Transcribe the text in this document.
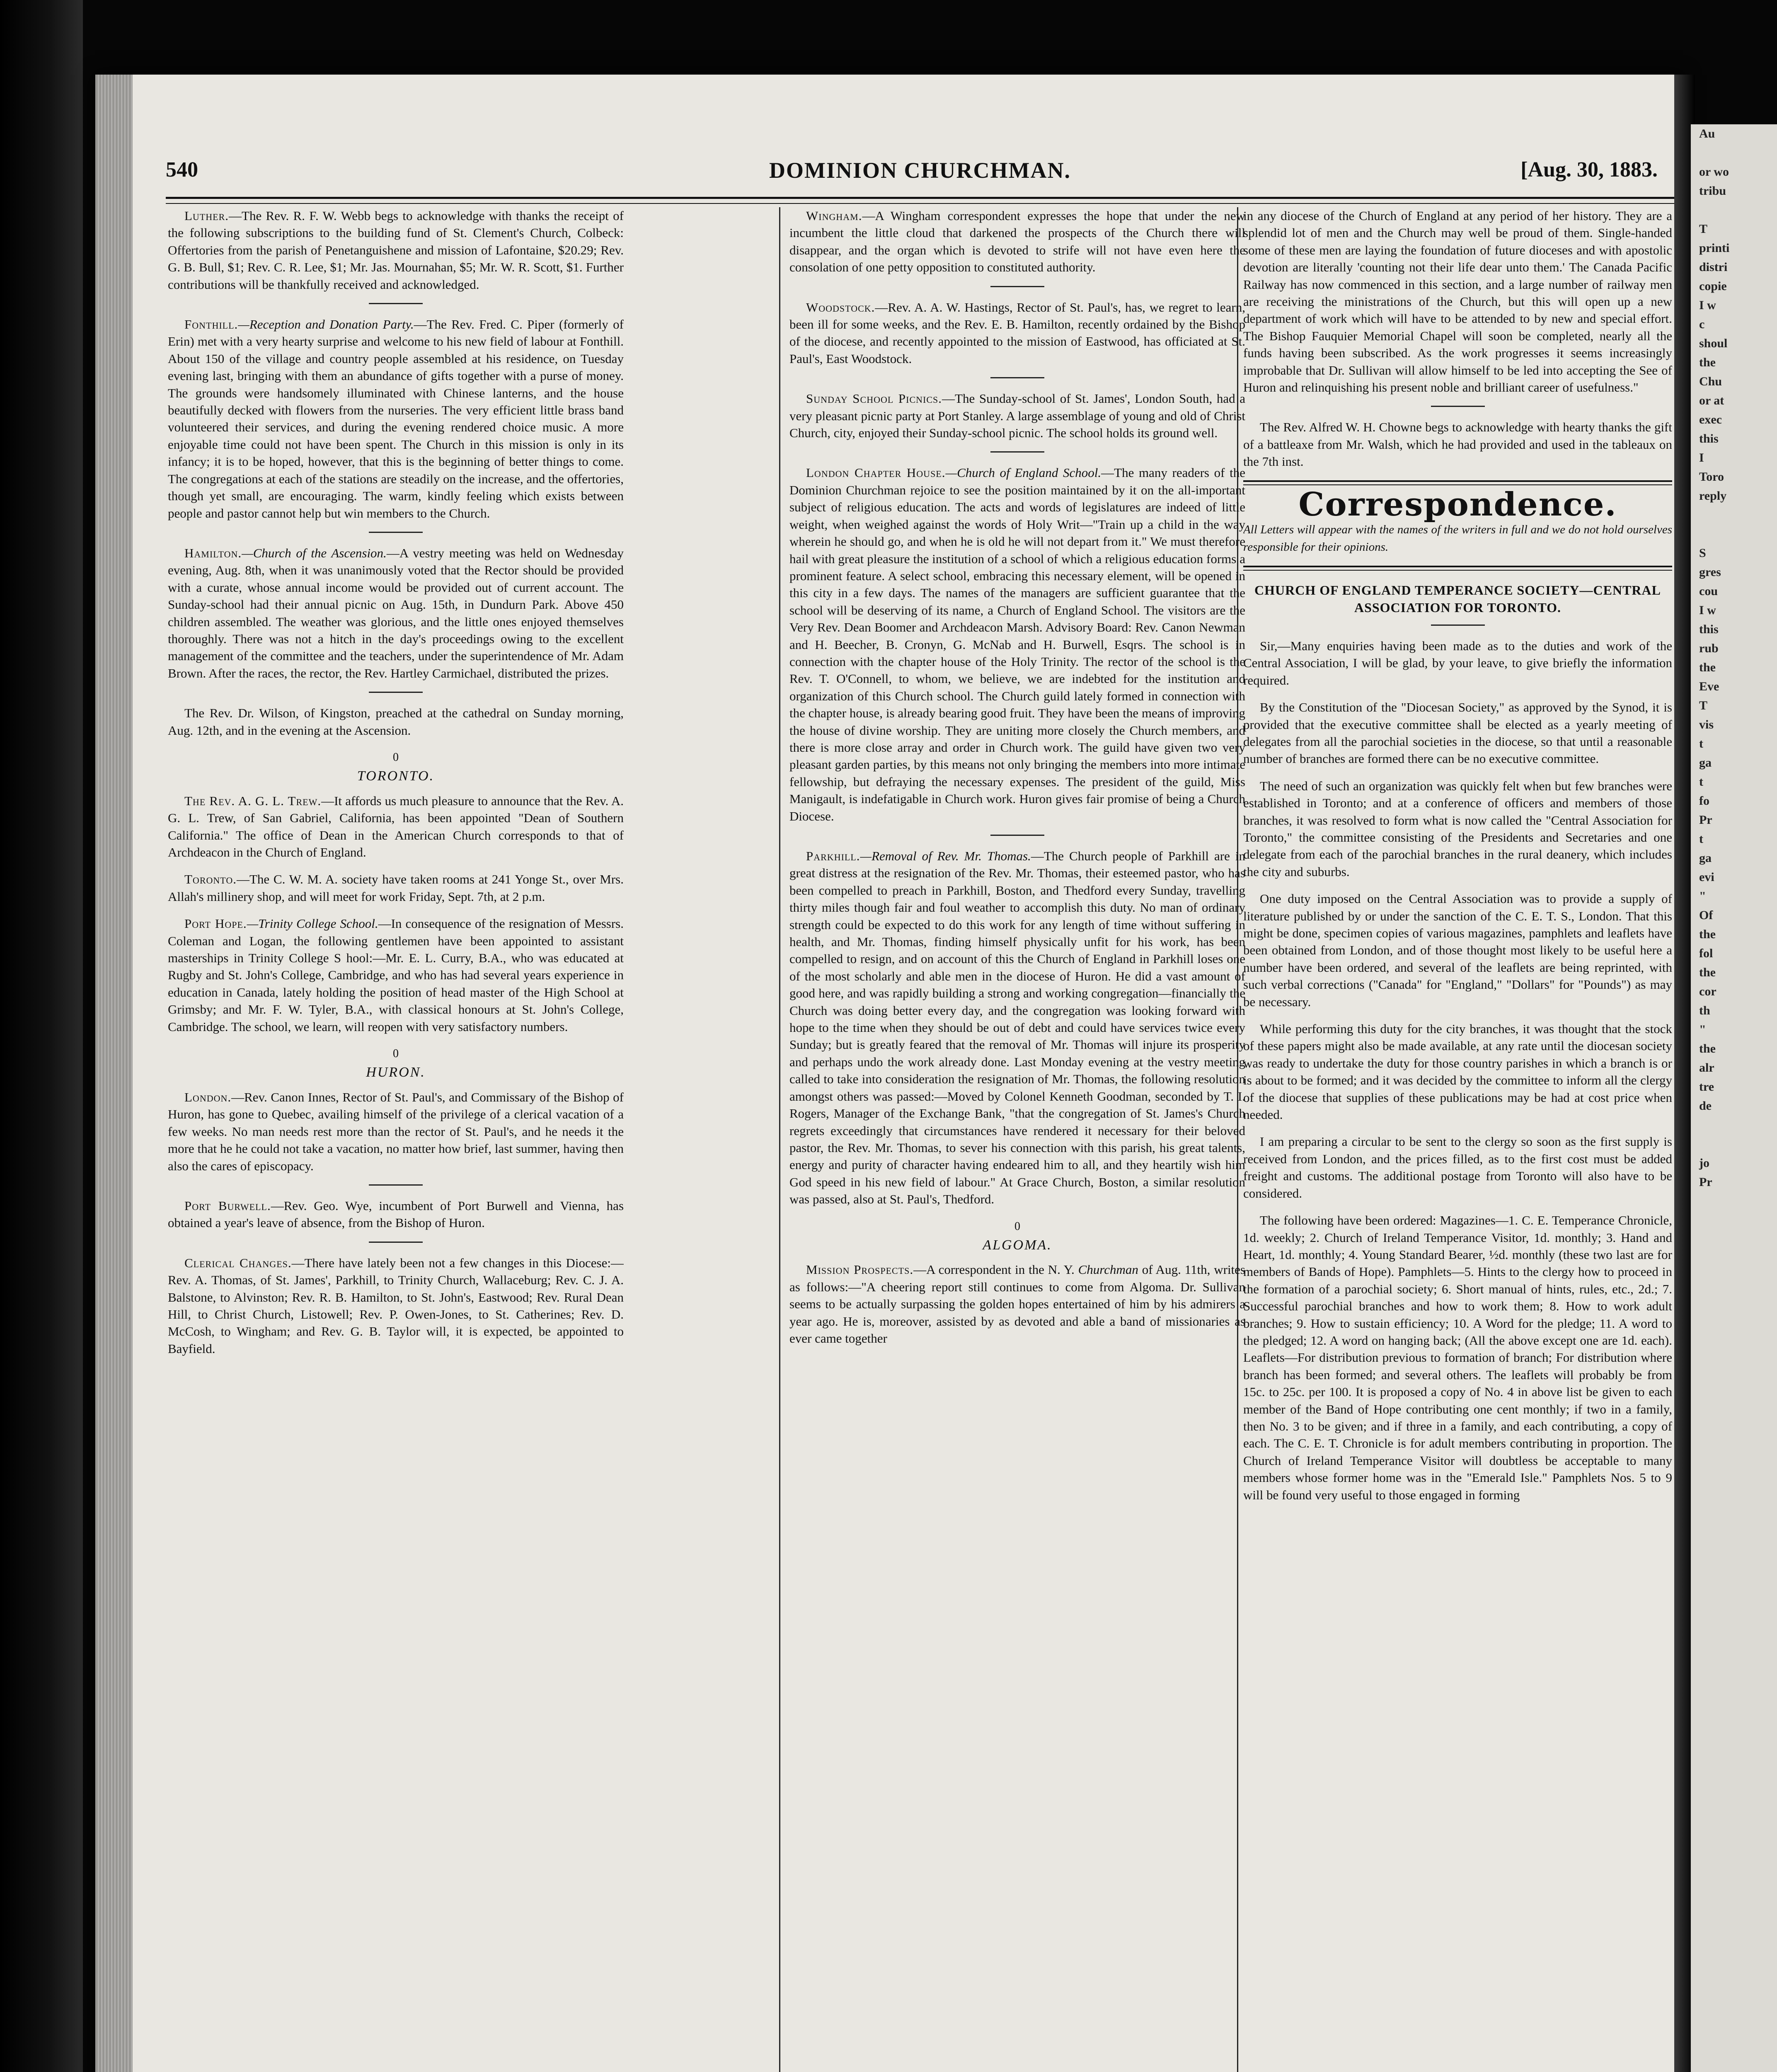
Au

or wo
tribu

T
printi
distri
copie
I w
c
shoul
the
Chu
or at
exec
this
I
Toro
reply

S
gres
cou
I w
this
rub
the
Eve
T
vis
t
ga
t
fo
Pr
t
ga
evi
"
Of
the
fol
the
cor
th
"
the
alr
tre
de

jo
Pr
540	DOMINION CHURCHMAN.	[Aug. 30, 1883.

Luther.—The Rev. R. F. W. Webb begs to acknowledge with thanks the receipt of the following subscriptions to the building fund of St. Clement's Church, Colbeck: Offertories from the parish of Penetanguishene and mission of Lafontaine, $20.29; Rev. G. B. Bull, $1; Rev. C. R. Lee, $1; Mr. Jas. Mournahan, $5; Mr. W. R. Scott, $1. Further contributions will be thankfully received and acknowledged.

Fonthill.—Reception and Donation Party.—The Rev. Fred. C. Piper (formerly of Erin) met with a very hearty surprise and welcome to his new field of labour at Fonthill. About 150 of the village and country people assembled at his residence, on Tuesday evening last, bringing with them an abundance of gifts together with a purse of money. The grounds were handsomely illuminated with Chinese lanterns, and the house beautifully decked with flowers from the nurseries. The very efficient little brass band volunteered their services, and during the evening rendered choice music. A more enjoyable time could not have been spent. The Church in this mission is only in its infancy; it is to be hoped, however, that this is the beginning of better things to come. The congregations at each of the stations are steadily on the increase, and the offertories, though yet small, are encouraging. The warm, kindly feeling which exists between people and pastor cannot help but win members to the Church.

Hamilton.—Church of the Ascension.—A vestry meeting was held on Wednesday evening, Aug. 8th, when it was unanimously voted that the Rector should be provided with a curate, whose annual income would be provided out of current account. The Sunday-school had their annual picnic on Aug. 15th, in Dundurn Park. Above 450 children assembled. The weather was glorious, and the little ones enjoyed themselves thoroughly. There was not a hitch in the day's proceedings owing to the excellent management of the committee and the teachers, under the superintendence of Mr. Adam Brown. After the races, the rector, the Rev. Hartley Carmichael, distributed the prizes.

The Rev. Dr. Wilson, of Kingston, preached at the cathedral on Sunday morning, Aug. 12th, and in the evening at the Ascension.

0
TORONTO.

The Rev. A. G. L. Trew.—It affords us much pleasure to announce that the Rev. A. G. L. Trew, of San Gabriel, California, has been appointed "Dean of Southern California." The office of Dean in the American Church corresponds to that of Archdeacon in the Church of England.

Toronto.—The C. W. M. A. society have taken rooms at 241 Yonge St., over Mrs. Allah's millinery shop, and will meet for work Friday, Sept. 7th, at 2 p.m.

Port Hope.—Trinity College School.—In consequence of the resignation of Messrs. Coleman and Logan, the following gentlemen have been appointed to assistant masterships in Trinity College S hool:—Mr. E. L. Curry, B.A., who was educated at Rugby and St. John's College, Cambridge, and who has had several years experience in education in Canada, lately holding the position of head master of the High School at Grimsby; and Mr. F. W. Tyler, B.A., with classical honours at St. John's College, Cambridge. The school, we learn, will reopen with very satisfactory numbers.

0
HURON.

London.—Rev. Canon Innes, Rector of St. Paul's, and Commissary of the Bishop of Huron, has gone to Quebec, availing himself of the privilege of a clerical vacation of a few weeks. No man needs rest more than the rector of St. Paul's, and he needs it the more that he he could not take a vacation, no matter how brief, last summer, having then also the cares of episcopacy.

Port Burwell.—Rev. Geo. Wye, incumbent of Port Burwell and Vienna, has obtained a year's leave of absence, from the Bishop of Huron.

Clerical Changes.—There have lately been not a few changes in this Diocese:—Rev. A. Thomas, of St. James', Parkhill, to Trinity Church, Wallaceburg; Rev. C. J. A. Balstone, to Alvinston; Rev. R. B. Hamilton, to St. John's, Eastwood; Rev. Rural Dean Hill, to Christ Church, Listowell; Rev. P. Owen-Jones, to St. Catherines; Rev. D. McCosh, to Wingham; and Rev. G. B. Taylor will, it is expected, be appointed to Bayfield.

Wingham.—A Wingham correspondent expresses the hope that under the new incumbent the little cloud that darkened the prospects of the Church there will disappear, and the organ which is devoted to strife will not have even here the consolation of one petty opposition to constituted authority.

Woodstock.—Rev. A. A. W. Hastings, Rector of St. Paul's, has, we regret to learn, been ill for some weeks, and the Rev. E. B. Hamilton, recently ordained by the Bishop of the diocese, and recently appointed to the mission of Eastwood, has officiated at St. Paul's, East Woodstock.

Sunday School Picnics.—The Sunday-school of St. James', London South, had a very pleasant picnic party at Port Stanley. A large assemblage of young and old of Christ Church, city, enjoyed their Sunday-school picnic. The school holds its ground well.

London Chapter House.—Church of England School.—The many readers of the Dominion Churchman rejoice to see the position maintained by it on the all-important subject of religious education. The acts and words of legislatures are indeed of little weight, when weighed against the words of Holy Writ—"Train up a child in the way wherein he should go, and when he is old he will not depart from it." We must therefore hail with great pleasure the institution of a school of which a religious education forms a prominent feature. A select school, embracing this necessary element, will be opened in this city in a few days. The names of the managers are sufficient guarantee that the school will be deserving of its name, a Church of England School. The visitors are the Very Rev. Dean Boomer and Archdeacon Marsh. Advisory Board: Rev. Canon Newman and H. Beecher, B. Cronyn, G. McNab and H. Burwell, Esqrs. The school is in connection with the chapter house of the Holy Trinity. The rector of the school is the Rev. T. O'Connell, to whom, we believe, we are indebted for the institution and organization of this Church school. The Church guild lately formed in connection with the chapter house, is already bearing good fruit. They have been the means of improving the house of divine worship. They are uniting more closely the Church members, and there is more close array and order in Church work. The guild have given two very pleasant garden parties, by this means not only bringing the members into more intimate fellowship, but defraying the necessary expenses. The president of the guild, Miss Manigault, is indefatigable in Church work. Huron gives fair promise of being a Church Diocese.

Parkhill.—Removal of Rev. Mr. Thomas.—The Church people of Parkhill are in great distress at the resignation of the Rev. Mr. Thomas, their esteemed pastor, who has been compelled to preach in Parkhill, Boston, and Thedford every Sunday, travelling thirty miles though fair and foul weather to accomplish this duty. No man of ordinary strength could be expected to do this work for any length of time without suffering in health, and Mr. Thomas, finding himself physically unfit for his work, has been compelled to resign, and on account of this the Church of England in Parkhill loses one of the most scholarly and able men in the diocese of Huron. He did a vast amount of good here, and was rapidly building a strong and working congregation—financially the Church was doing better every day, and the congregation was looking forward with hope to the time when they should be out of debt and could have services twice every Sunday; but is greatly feared that the removal of Mr. Thomas will injure its prosperity and perhaps undo the work already done. Last Monday evening at the vestry meeting called to take into consideration the resignation of Mr. Thomas, the following resolution amongst others was passed:—Moved by Colonel Kenneth Goodman, seconded by T. I. Rogers, Manager of the Exchange Bank, "that the congregation of St. James's Church regrets exceedingly that circumstances have rendered it necessary for their beloved pastor, the Rev. Mr. Thomas, to sever his connection with this parish, his great talents, energy and purity of character having endeared him to all, and they heartily wish him God speed in his new field of labour." At Grace Church, Boston, a similar resolution was passed, also at St. Paul's, Thedford.

0
ALGOMA.

Mission Prospects.—A correspondent in the N. Y. Churchman of Aug. 11th, writes as follows:—"A cheering report still continues to come from Algoma. Dr. Sullivan seems to be actually surpassing the golden hopes entertained of him by his admirers a year ago. He is, moreover, assisted by as devoted and able a band of missionaries as ever came together

in any diocese of the Church of England at any period of her history. They are a splendid lot of men and the Church may well be proud of them. Single-handed some of these men are laying the foundation of future dioceses and with apostolic devotion are literally 'counting not their life dear unto them.' The Canada Pacific Railway has now commenced in this section, and a large number of railway men are receiving the ministrations of the Church, but this will open up a new department of work which will have to be attended to by new and special effort. The Bishop Fauquier Memorial Chapel will soon be completed, nearly all the funds having been subscribed. As the work progresses it seems increasingly improbable that Dr. Sullivan will allow himself to be led into accepting the See of Huron and relinquishing his present noble and brilliant career of usefulness."

The Rev. Alfred W. H. Chowne begs to acknowledge with hearty thanks the gift of a battleaxe from Mr. Walsh, which he had provided and used in the tableaux on the 7th inst.

Correspondence.

All Letters will appear with the names of the writers in full and we do not hold ourselves responsible for their opinions.

CHURCH OF ENGLAND TEMPERANCE SOCIETY—CENTRAL ASSOCIATION FOR TORONTO.

Sir,—Many enquiries having been made as to the duties and work of the Central Association, I will be glad, by your leave, to give briefly the information required.

By the Constitution of the "Diocesan Society," as approved by the Synod, it is provided that the executive committee shall be elected as a yearly meeting of delegates from all the parochial societies in the diocese, so that until a reasonable number of branches are formed there can be no executive committee.

The need of such an organization was quickly felt when but few branches were established in Toronto; and at a conference of officers and members of those branches, it was resolved to form what is now called the "Central Association for Toronto," the committee consisting of the Presidents and Secretaries and one delegate from each of the parochial branches in the rural deanery, which includes the city and suburbs.

One duty imposed on the Central Association was to provide a supply of literature published by or under the sanction of the C. E. T. S., London. That this might be done, specimen copies of various magazines, pamphlets and leaflets have been obtained from London, and of those thought most likely to be useful here a number have been ordered, and several of the leaflets are being reprinted, with such verbal corrections ("Canada" for "England," "Dollars" for "Pounds") as may be necessary.

While performing this duty for the city branches, it was thought that the stock of these papers might also be made available, at any rate until the diocesan society was ready to undertake the duty for those country parishes in which a branch is or is about to be formed; and it was decided by the committee to inform all the clergy of the diocese that supplies of these publications may be had at cost price when needed.

I am preparing a circular to be sent to the clergy so soon as the first supply is received from London, and the prices filled, as to the first cost must be added freight and customs. The additional postage from Toronto will also have to be considered.

The following have been ordered: Magazines—1. C. E. Temperance Chronicle, 1d. weekly; 2. Church of Ireland Temperance Visitor, 1d. monthly; 3. Hand and Heart, 1d. monthly; 4. Young Standard Bearer, ½d. monthly (these two last are for members of Bands of Hope). Pamphlets—5. Hints to the clergy how to proceed in the formation of a parochial society; 6. Short manual of hints, rules, etc., 2d.; 7. Successful parochial branches and how to work them; 8. How to work adult branches; 9. How to sustain efficiency; 10. A Word for the pledge; 11. A word to the pledged; 12. A word on hanging back; (All the above except one are 1d. each). Leaflets—For distribution previous to formation of branch; For distribution where branch has been formed; and several others. The leaflets will probably be from 15c. to 25c. per 100. It is proposed a copy of No. 4 in above list be given to each member of the Band of Hope contributing one cent monthly; if two in a family, then No. 3 to be given; and if three in a family, and each contributing, a copy of each. The C. E. T. Chronicle is for adult members contributing in proportion. The Church of Ireland Temperance Visitor will doubtless be acceptable to many members whose former home was in the "Emerald Isle." Pamphlets Nos. 5 to 9 will be found very useful to those engaged in forming
